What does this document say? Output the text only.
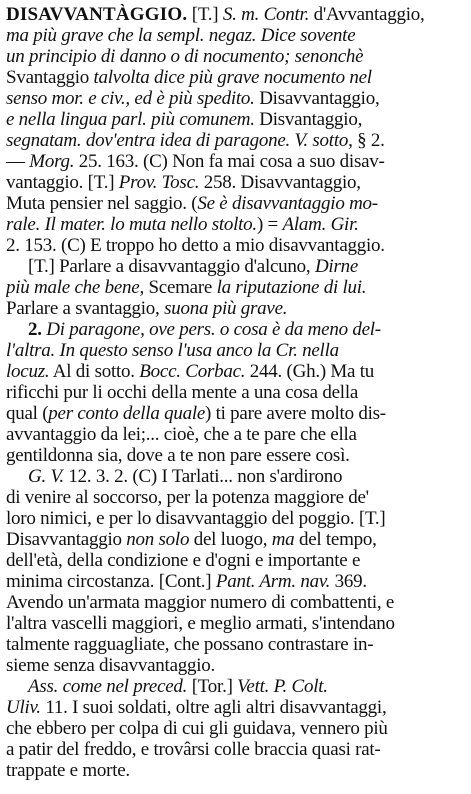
DISAVVANTÀGGIO. [T.] S. m. Contr. d'Avvantaggio,
ma più grave che la sempl. negaz. Dice sovente
un principio di danno o di nocumento; senonchè
Svantaggio talvolta dice più grave nocumento nel
senso mor. e civ., ed è più spedito. Disavvantaggio,
e nella lingua parl. più comunem. Disvantaggio,
segnatam. dov'entra idea di paragone. V. sotto, § 2.
— Morg. 25. 163. (C) Non fa mai cosa a suo disav-
vantaggio. [T.] Prov. Tosc. 258. Disavvantaggio,
Muta pensier nel saggio. (Se è disavvantaggio mo-
rale. Il mater. lo muta nello stolto.) = Alam. Gir.
2. 153. (C) E troppo ho detto a mio disavvantaggio.
[T.] Parlare a disavvantaggio d'alcuno, Dirne
più male che bene, Scemare la riputazione di lui.
Parlare a svantaggio, suona più grave.
2. Di paragone, ove pers. o cosa è da meno del-
l'altra. In questo senso l'usa anco la Cr. nella
locuz. Al di sotto. Bocc. Corbac. 244. (Gh.) Ma tu
rificchi pur li occhi della mente a una cosa della
qual (per conto della quale) ti pare avere molto dis-
avvantaggio da lei;... cioè, che a te pare che ella
gentildonna sia, dove a te non pare essere così.
G. V. 12. 3. 2. (C) I Tarlati... non s'ardirono
di venire al soccorso, per la potenza maggiore de'
loro nimici, e per lo disavvantaggio del poggio. [T.]
Disavvantaggio non solo del luogo, ma del tempo,
dell'età, della condizione e d'ogni e importante e
minima circostanza. [Cont.] Pant. Arm. nav. 369.
Avendo un'armata maggior numero di combattenti, e
l'altra vascelli maggiori, e meglio armati, s'intendano
talmente ragguagliate, che possano contrastare in-
sieme senza disavvantaggio.
Ass. come nel preced. [Tor.] Vett. P. Colt.
Uliv. 11. I suoi soldati, oltre agli altri disavvantaggi,
che ebbero per colpa di cui gli guidava, vennero più
a patir del freddo, e trovârsi colle braccia quasi rat-
trappate e morte.
